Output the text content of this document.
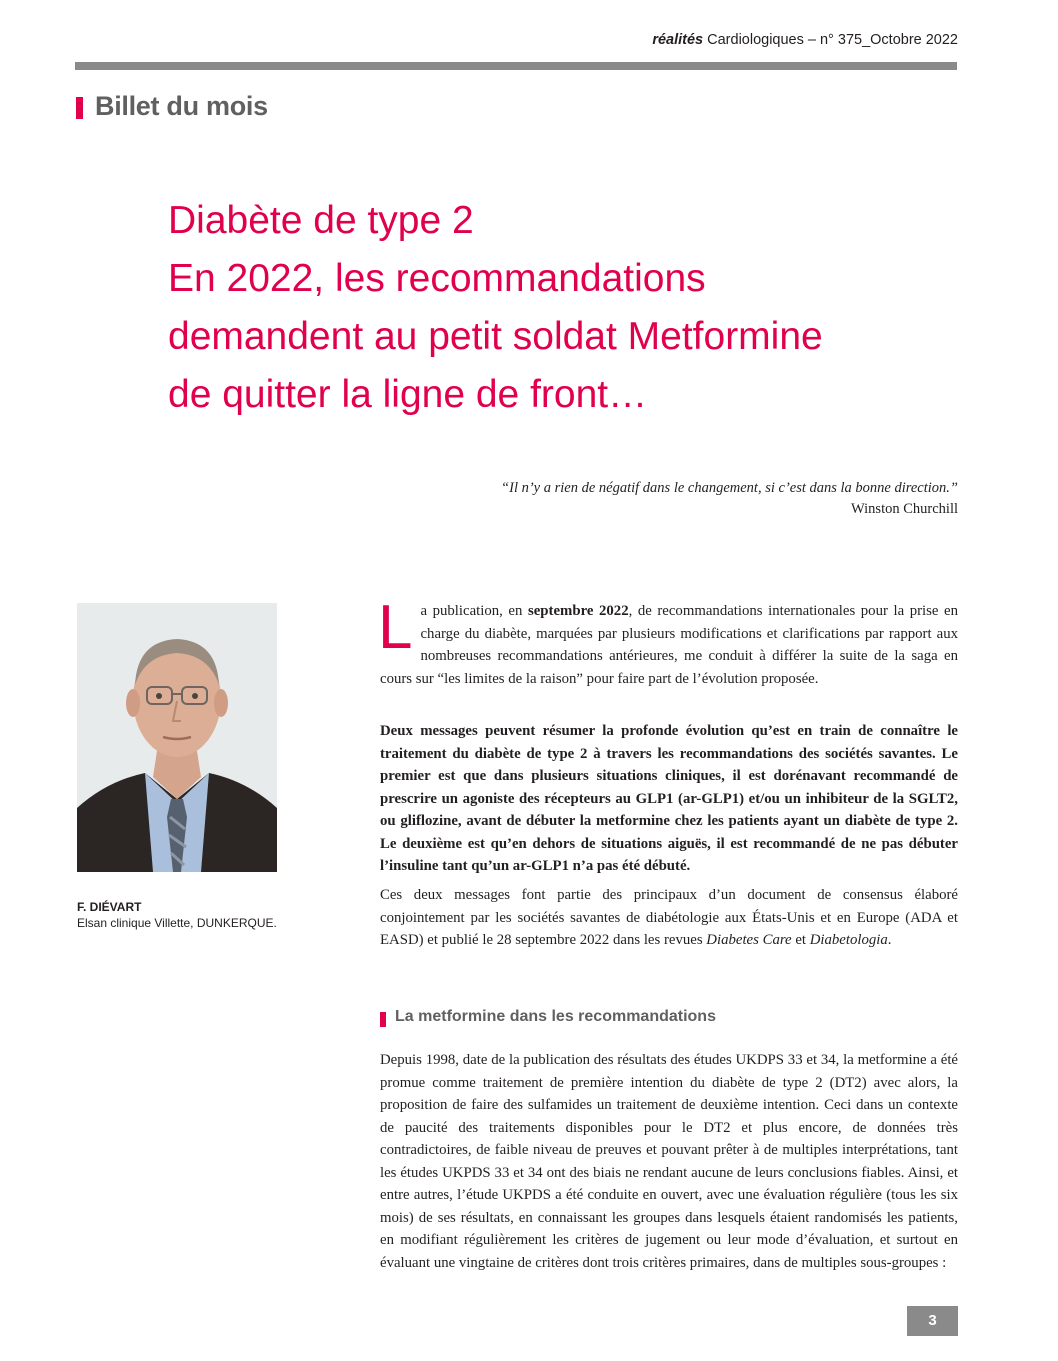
réalités Cardiologiques – n° 375_Octobre 2022
Billet du mois
Diabète de type 2
En 2022, les recommandations
demandent au petit soldat Metformine
de quitter la ligne de front…
“Il n’y a rien de négatif dans le changement, si c’est dans la bonne direction.”
Winston Churchill
F. DIÉVART
Elsan clinique Villette, DUNKERQUE.
La publication, en septembre 2022, de recommandations internationales pour la prise en charge du diabète, marquées par plusieurs modifications et clarifications par rapport aux nombreuses recommandations antérieures, me conduit à différer la suite de la saga en cours sur “les limites de la raison” pour faire part de l’évolution proposée.
Deux messages peuvent résumer la profonde évolution qu’est en train de connaître le traitement du diabète de type 2 à travers les recommandations des sociétés savantes. Le premier est que dans plusieurs situations cliniques, il est dorénavant recommandé de prescrire un agoniste des récepteurs au GLP1 (ar-GLP1) et/ou un inhibiteur de la SGLT2, ou gliflozine, avant de débuter la metformine chez les patients ayant un diabète de type 2. Le deuxième est qu’en dehors de situations aiguës, il est recommandé de ne pas débuter l’insuline tant qu’un ar-GLP1 n’a pas été débuté.
Ces deux messages font partie des principaux d’un document de consensus élaboré conjointement par les sociétés savantes de diabétologie aux États-Unis et en Europe (ADA et EASD) et publié le 28 septembre 2022 dans les revues Diabetes Care et Diabetologia.
La metformine dans les recommandations
Depuis 1998, date de la publication des résultats des études UKDPS 33 et 34, la metformine a été promue comme traitement de première intention du diabète de type 2 (DT2) avec alors, la proposition de faire des sulfamides un traitement de deuxième intention. Ceci dans un contexte de paucité des traitements disponibles pour le DT2 et plus encore, de données très contradictoires, de faible niveau de preuves et pouvant prêter à de multiples interprétations, tant les études UKPDS 33 et 34 ont des biais ne rendant aucune de leurs conclusions fiables. Ainsi, et entre autres, l’étude UKPDS a été conduite en ouvert, avec une évaluation régulière (tous les six mois) de ses résultats, en connaissant les groupes dans lesquels étaient randomisés les patients, en modifiant régulièrement les critères de jugement ou leur mode d’évaluation, et surtout en évaluant une vingtaine de critères dont trois critères primaires, dans de multiples sous-groupes :
3
